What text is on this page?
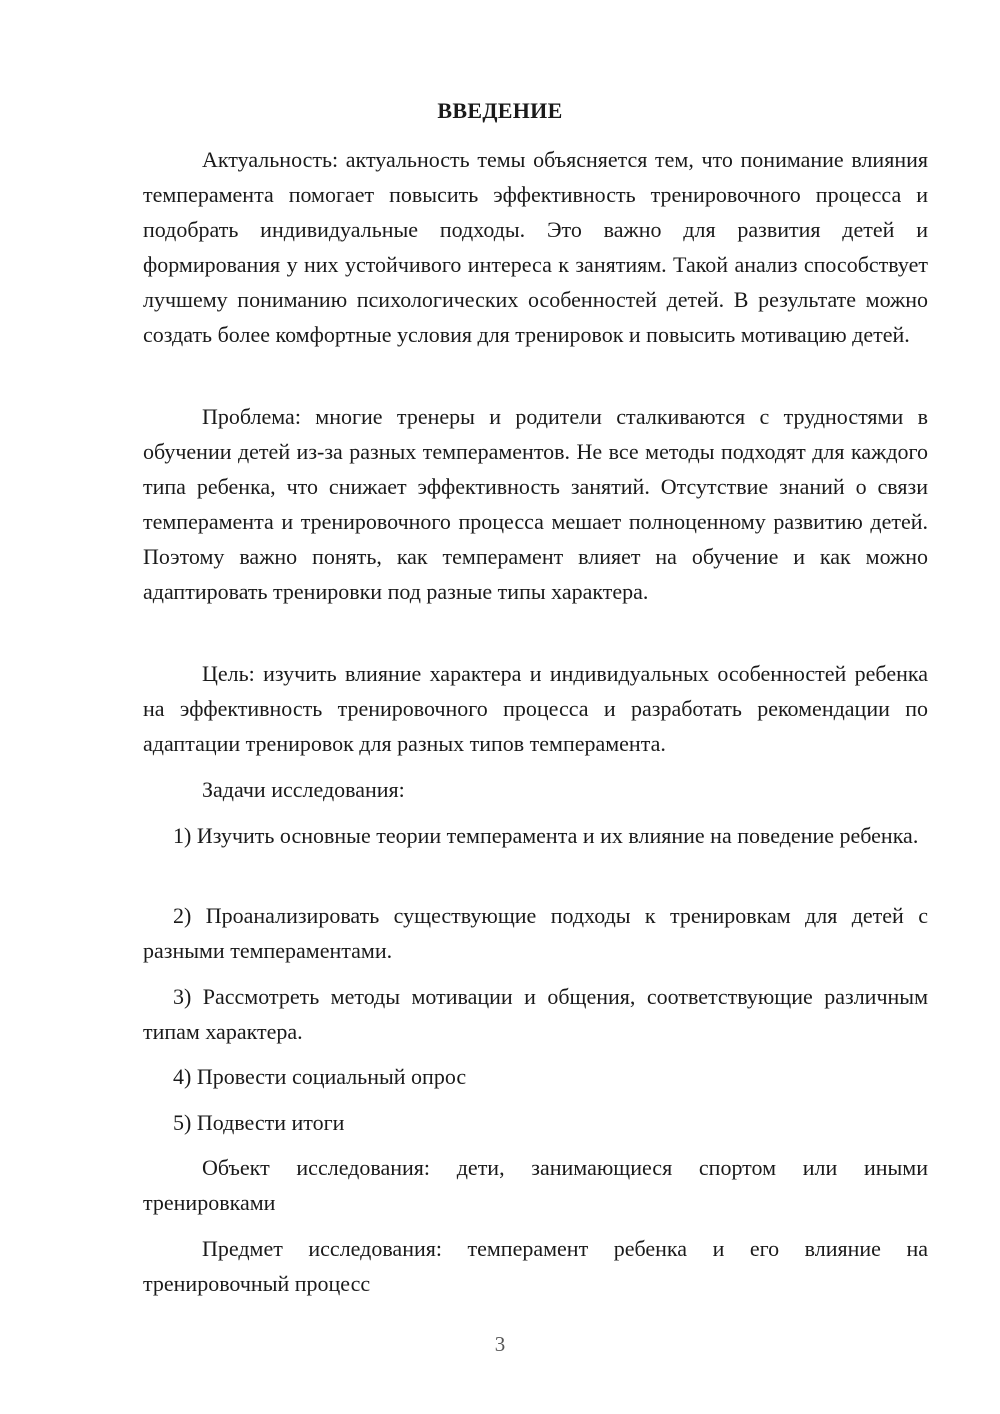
ВВЕДЕНИЕ

Актуальность: актуальность темы объясняется тем, что понимание влияния темперамента помогает повысить эффективность тренировочного процесса и подобрать индивидуальные подходы. Это важно для развития детей и формирования у них устойчивого интереса к занятиям. Такой анализ способствует лучшему пониманию психологических особенностей детей. В результате можно создать более комфортные условия для тренировок и повысить мотивацию детей.

Проблема: многие тренеры и родители сталкиваются с трудностями в обучении детей из-за разных темпераментов. Не все методы подходят для каждого типа ребенка, что снижает эффективность занятий. Отсутствие знаний о связи темперамента и тренировочного процесса мешает полноценному развитию детей. Поэтому важно понять, как темперамент влияет на обучение и как можно адаптировать тренировки под разные типы характера.

Цель: изучить влияние характера и индивидуальных особенностей ребенка на эффективность тренировочного процесса и разработать рекомендации по адаптации тренировок для разных типов темперамента.

Задачи исследования:

1) Изучить основные теории темперамента и их влияние на поведение ребенка.

2) Проанализировать существующие подходы к тренировкам для детей с разными темпераментами.

3) Рассмотреть методы мотивации и общения, соответствующие различным типам характера.

4) Провести социальный опрос

5) Подвести итоги

Объект исследования: дети, занимающиеся спортом или иными тренировками

Предмет исследования: темперамент ребенка и его влияние на тренировочный процесс

3
